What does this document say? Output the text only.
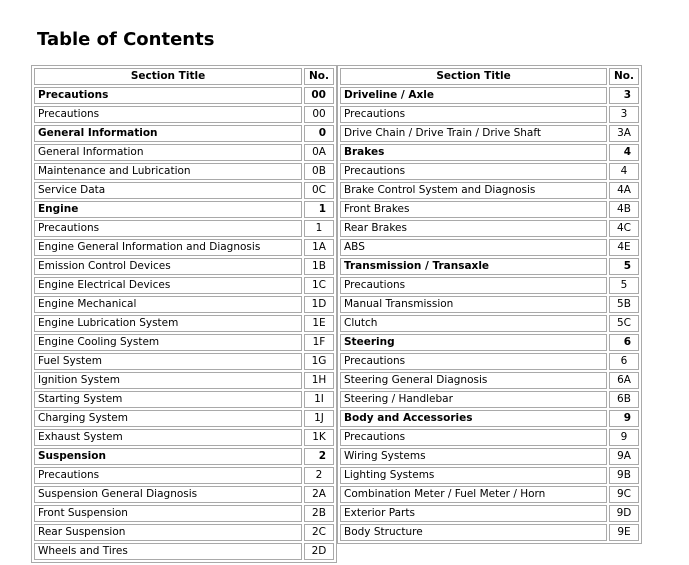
Table of Contents
Section Title	No.
Precautions	00
Precautions	00
General Information	0
General Information	0A
Maintenance and Lubrication	0B
Service Data	0C
Engine	1
Precautions	1
Engine General Information and Diagnosis	1A
Emission Control Devices	1B
Engine Electrical Devices	1C
Engine Mechanical	1D
Engine Lubrication System	1E
Engine Cooling System	1F
Fuel System	1G
Ignition System	1H
Starting System	1I
Charging System	1J
Exhaust System	1K
Suspension	2
Precautions	2
Suspension General Diagnosis	2A
Front Suspension	2B
Rear Suspension	2C
Wheels and Tires	2D
Section Title	No.
Driveline / Axle	3
Precautions	3
Drive Chain / Drive Train / Drive Shaft	3A
Brakes	4
Precautions	4
Brake Control System and Diagnosis	4A
Front Brakes	4B
Rear Brakes	4C
ABS	4E
Transmission / Transaxle	5
Precautions	5
Manual Transmission	5B
Clutch	5C
Steering	6
Precautions	6
Steering General Diagnosis	6A
Steering / Handlebar	6B
Body and Accessories	9
Precautions	9
Wiring Systems	9A
Lighting Systems	9B
Combination Meter / Fuel Meter / Horn	9C
Exterior Parts	9D
Body Structure	9E
